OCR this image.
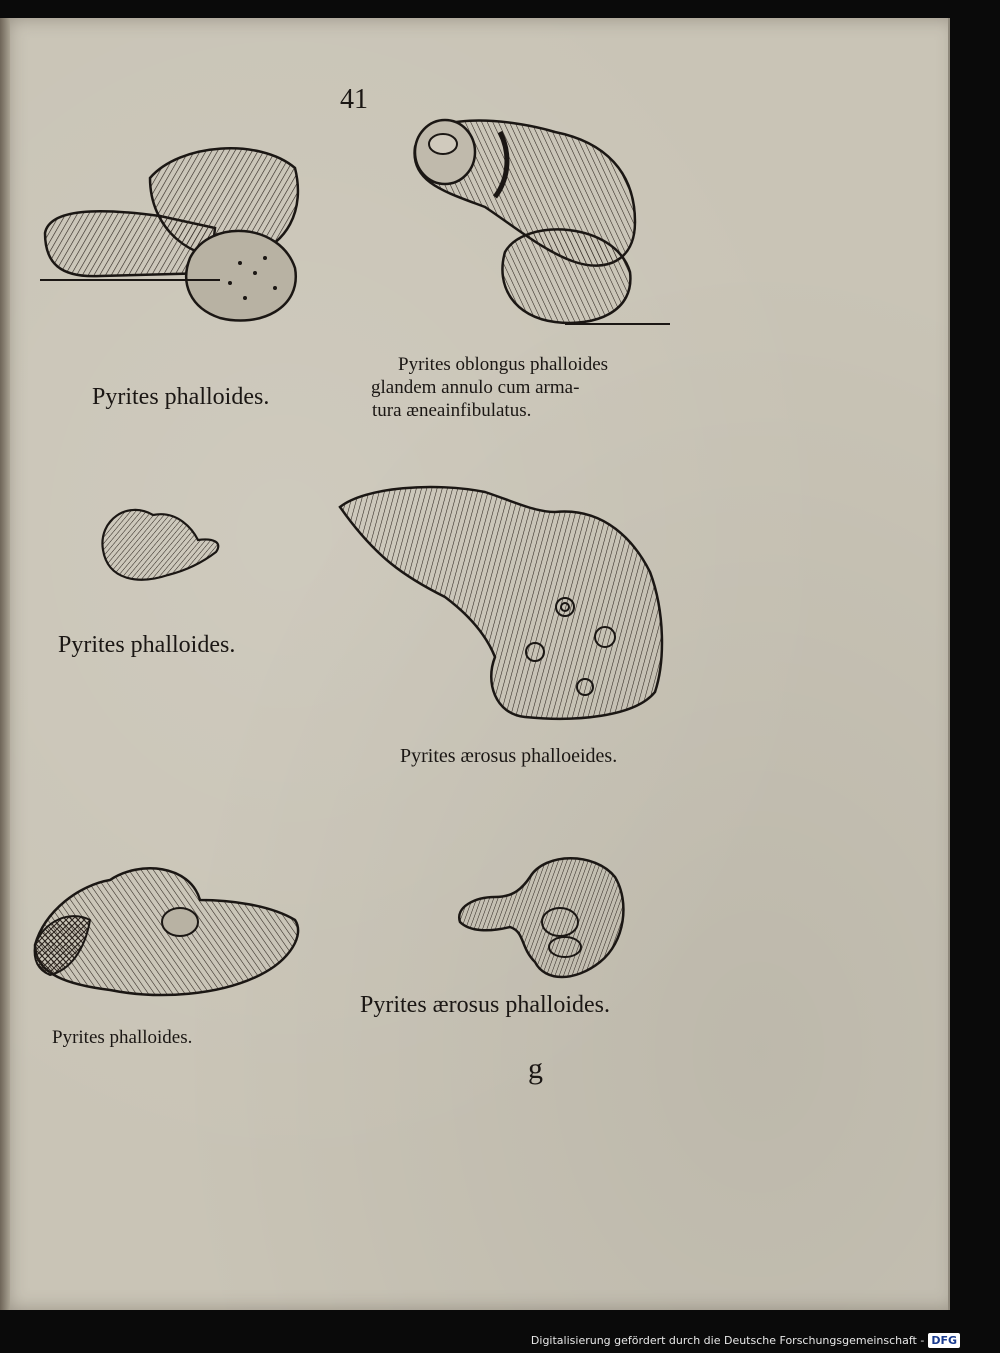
41
Pyrites phalloides.
Pyrites oblongus phalloides
glandem annulo cum arma-
tura æneainfibulatus.
Pyrites phalloides.
Pyrites ærosus phalloeides.
Pyrites phalloides.
Pyrites ærosus phalloides.
g
Digitalisierung gefördert durch die Deutsche Forschungsgemeinschaft - DFG
